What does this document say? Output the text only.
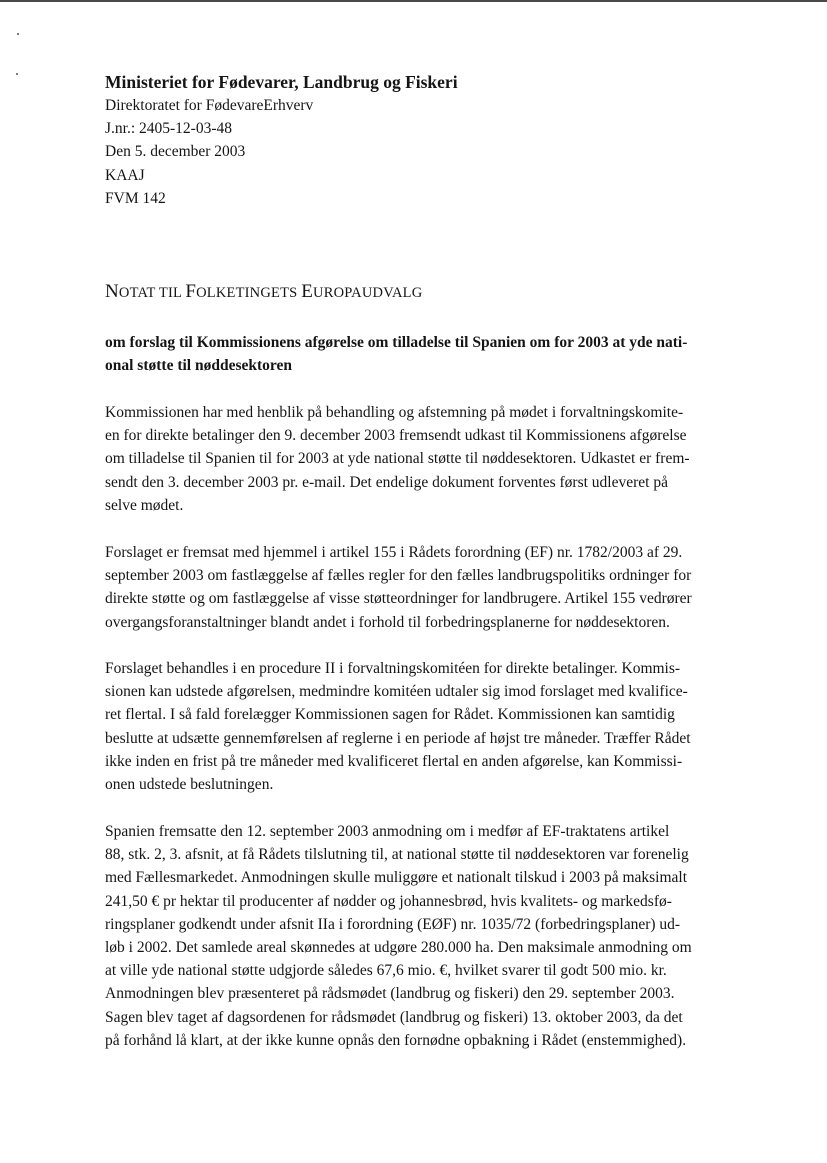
Ministeriet for Fødevarer, Landbrug og Fiskeri
Direktoratet for FødevareErhverv
J.nr.: 2405-12-03-48
Den 5. december 2003
KAAJ
FVM 142
NOTAT TIL FOLKETINGETS EUROPAUDVALG
om forslag til Kommissionens afgørelse om tilladelse til Spanien om for 2003 at yde nati-
onal støtte til nøddesektoren
Kommissionen har med henblik på behandling og afstemning på mødet i forvaltningskomite-
en for direkte betalinger den 9. december 2003 fremsendt udkast til Kommissionens afgørelse
om tilladelse til Spanien til for 2003 at yde national støtte til nøddesektoren. Udkastet er frem-
sendt den 3. december 2003 pr. e-mail. Det endelige dokument forventes først udleveret på
selve mødet.
Forslaget er fremsat med hjemmel i artikel 155 i Rådets forordning (EF) nr. 1782/2003 af 29.
september 2003 om fastlæggelse af fælles regler for den fælles landbrugspolitiks ordninger for
direkte støtte og om fastlæggelse af visse støtteordninger for landbrugere. Artikel 155 vedrører
overgangsforanstaltninger blandt andet i forhold til forbedringsplanerne for nøddesektoren.
Forslaget behandles i en procedure II i forvaltningskomitéen for direkte betalinger. Kommis-
sionen kan udstede afgørelsen, medmindre komitéen udtaler sig imod forslaget med kvalifice-
ret flertal. I så fald forelægger Kommissionen sagen for Rådet. Kommissionen kan samtidig
beslutte at udsætte gennemførelsen af reglerne i en periode af højst tre måneder. Træffer Rådet
ikke inden en frist på tre måneder med kvalificeret flertal en anden afgørelse, kan Kommissi-
onen udstede beslutningen.
Spanien fremsatte den 12. september 2003 anmodning om i medfør af EF-traktatens artikel
88, stk. 2, 3. afsnit, at få Rådets tilslutning til, at national støtte til nøddesektoren var forenelig
med Fællesmarkedet. Anmodningen skulle muliggøre et nationalt tilskud i 2003 på maksimalt
241,50 € pr hektar til producenter af nødder og johannesbrød, hvis kvalitets- og markedsfø-
ringsplaner godkendt under afsnit IIa i forordning (EØF) nr. 1035/72 (forbedringsplaner) ud-
løb i 2002. Det samlede areal skønnedes at udgøre 280.000 ha. Den maksimale anmodning om
at ville yde national støtte udgjorde således 67,6 mio. €, hvilket svarer til godt 500 mio. kr.
Anmodningen blev præsenteret på rådsmødet (landbrug og fiskeri) den 29. september 2003.
Sagen blev taget af dagsordenen for rådsmødet (landbrug og fiskeri) 13. oktober 2003, da det
på forhånd lå klart, at der ikke kunne opnås den fornødne opbakning i Rådet (enstemmighed).
